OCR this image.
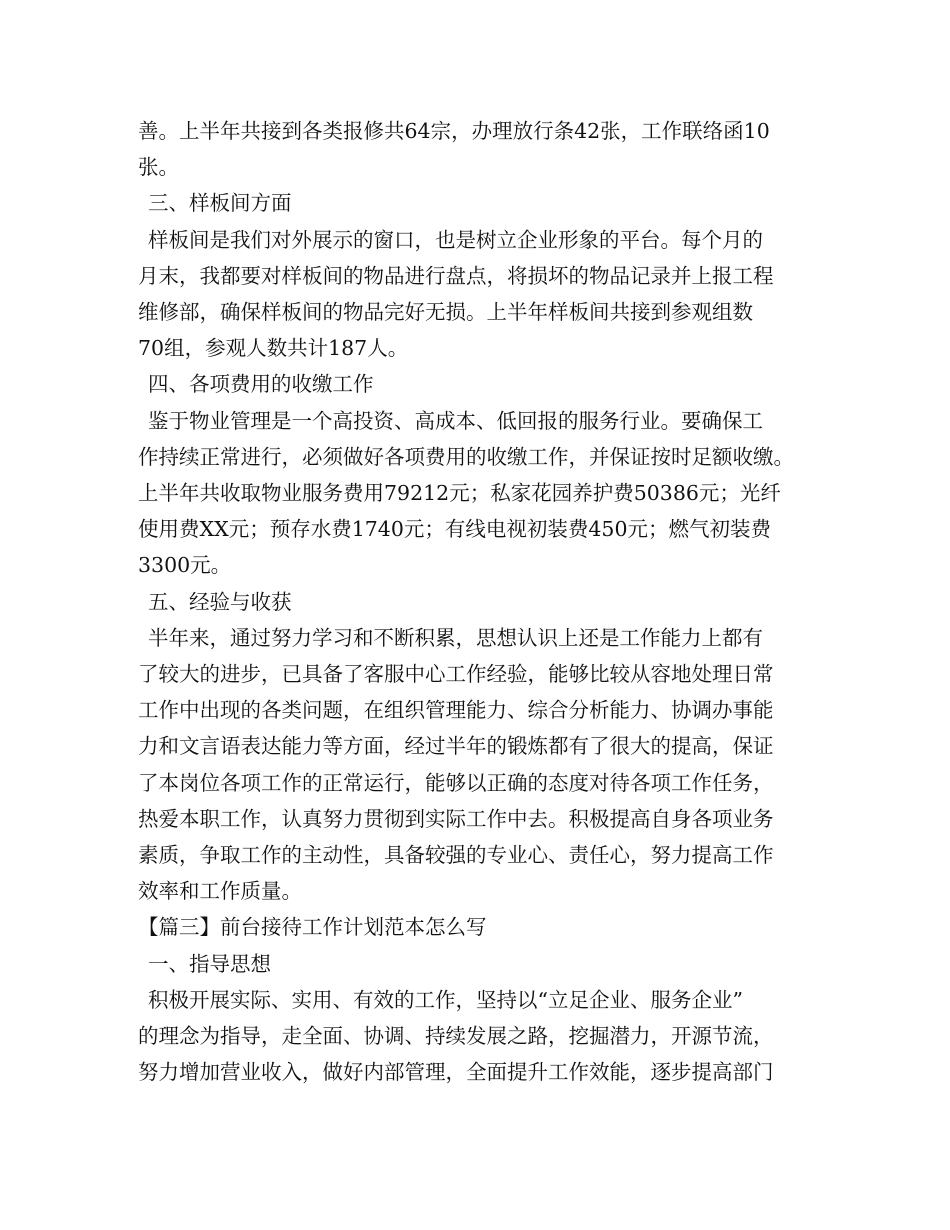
善。上半年共接到各类报修共64宗，办理放行条42张，工作联络函10

张。

三、样板间方面

样板间是我们对外展示的窗口，也是树立企业形象的平台。每个月的

月末，我都要对样板间的物品进行盘点，将损坏的物品记录并上报工程

维修部，确保样板间的物品完好无损。上半年样板间共接到参观组数

70组，参观人数共计187人。

四、各项费用的收缴工作

鉴于物业管理是一个高投资、高成本、低回报的服务行业。要确保工

作持续正常进行，必须做好各项费用的收缴工作，并保证按时足额收缴。

上半年共收取物业服务费用79212元；私家花园养护费50386元；光纤

使用费XX元；预存水费1740元；有线电视初装费450元；燃气初装费

3300元。

五、经验与收获

半年来，通过努力学习和不断积累，思想认识上还是工作能力上都有

了较大的进步，已具备了客服中心工作经验，能够比较从容地处理日常

工作中出现的各类问题，在组织管理能力、综合分析能力、协调办事能

力和文言语表达能力等方面，经过半年的锻炼都有了很大的提高，保证

了本岗位各项工作的正常运行，能够以正确的态度对待各项工作任务，

热爱本职工作，认真努力贯彻到实际工作中去。积极提高自身各项业务

素质，争取工作的主动性，具备较强的专业心、责任心，努力提高工作

效率和工作质量。

【篇三】前台接待工作计划范本怎么写

一、指导思想

积极开展实际、实用、有效的工作，坚持以“立足企业、服务企业”

的理念为指导，走全面、协调、持续发展之路，挖掘潜力，开源节流，

努力增加营业收入，做好内部管理，全面提升工作效能，逐步提高部门
